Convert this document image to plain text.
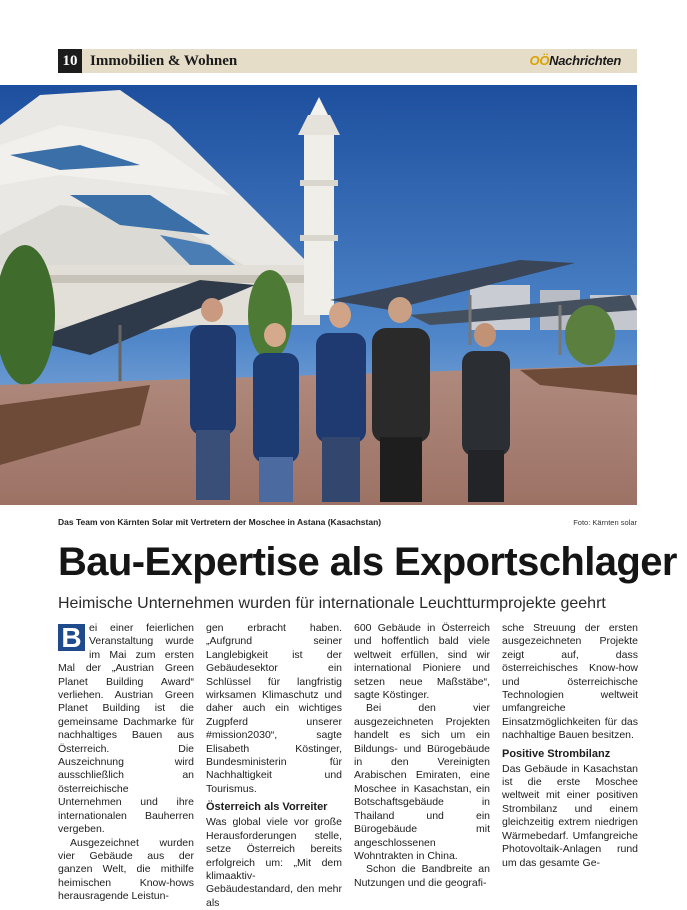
10 Immobilien & Wohnen	OÖNachrichten
Das Team von Kärnten Solar mit Vertretern der Moschee in Astana (Kasachstan)	Foto: Kärnten solar
Bau-Expertise als Exportschlager
Heimische Unternehmen wurden für internationale Leuchtturmprojekte geehrt

B ei einer feierlichen Veranstaltung wurde im Mai zum ersten Mal der „Austrian Green Planet Building Award“ verliehen. Austrian Green Planet Building ist die gemeinsame Dachmarke für nachhaltiges Bauen aus Österreich. Die Auszeichnung wird ausschließlich an österreichische Unternehmen und ihre internationalen Bauherren vergeben.

Ausgezeichnet wurden vier Gebäude aus der ganzen Welt, die mithilfe heimischen Know-hows herausragende Leistun-

gen erbracht haben. „Aufgrund seiner Langlebigkeit ist der Gebäudesektor ein Schlüssel für langfristig wirksamen Klimaschutz und daher auch ein wichtiges Zugpferd unserer #mission2030“, sagte Elisabeth Köstinger, Bundesministerin für Nachhaltigkeit und Tourismus.

Österreich als Vorreiter

Was global viele vor große Herausforderungen stelle, setze Österreich bereits erfolgreich um: „Mit dem klimaaktiv-Gebäudestandard, den mehr als

600 Gebäude in Österreich und hoffentlich bald viele weltweit erfüllen, sind wir international Pioniere und setzen neue Maßstäbe“, sagte Köstinger.

Bei den vier ausgezeichneten Projekten handelt es sich um ein Bildungs- und Bürogebäude in den Vereinigten Arabischen Emiraten, eine Moschee in Kasachstan, ein Botschaftsgebäude in Thailand und ein Bürogebäude mit angeschlossenen Wohntrakten in China.

Schon die Bandbreite an Nutzungen und die geografi-

sche Streuung der ersten ausgezeichneten Projekte zeigt auf, dass österreichisches Know-how und österreichische Technologien weltweit umfangreiche Einsatzmöglichkeiten für das nachhaltige Bauen besitzen.

Positive Strombilanz

Das Gebäude in Kasachstan ist die erste Moschee weltweit mit einer positiven Strombilanz und einem gleichzeitig extrem niedrigen Wärmebedarf. Umfangreiche Photovoltaik-Anlagen rund um das gesamte Ge-
